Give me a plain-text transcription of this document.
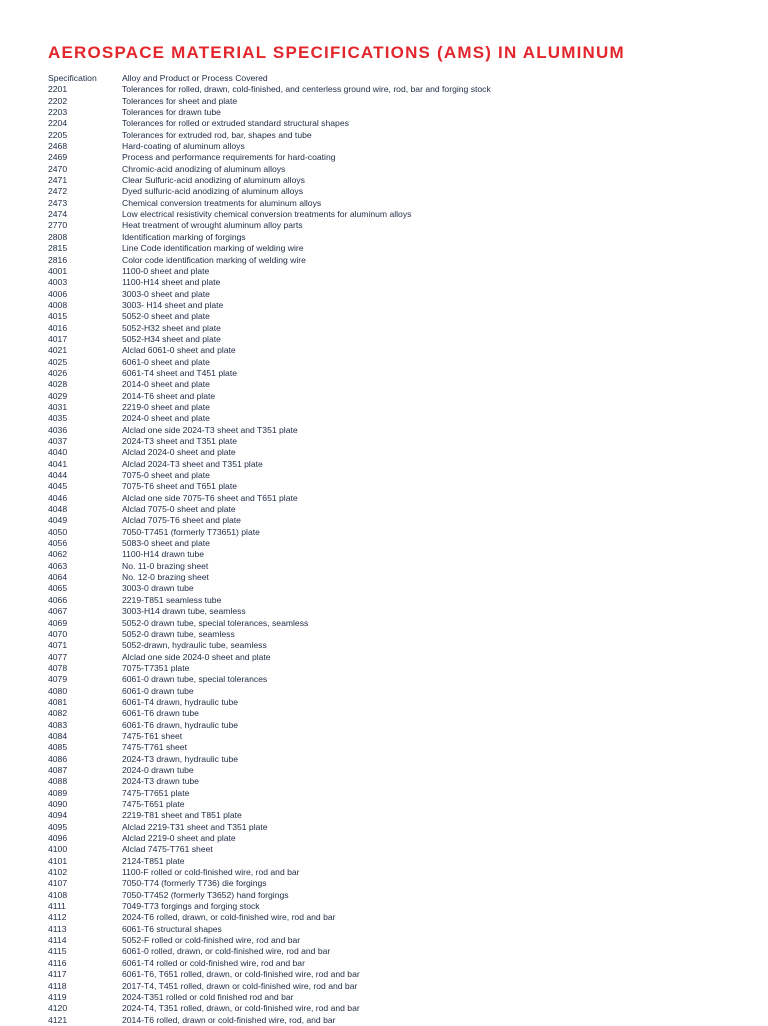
AEROSPACE MATERIAL SPECIFICATIONS (AMS) IN ALUMINUM
Specification	Alloy and Product or Process Covered
2201	Tolerances for rolled, drawn, cold-finished, and centerless ground wire, rod, bar and forging stock
2202	Tolerances for sheet and plate
2203	Tolerances for drawn tube
2204	Tolerances for rolled or extruded standard structural shapes
2205	Tolerances for extruded rod, bar, shapes and tube
2468	Hard-coating of aluminum alloys
2469	Process and performance requirements for hard-coating
2470	Chromic-acid anodizing of aluminum alloys
2471	Clear Sulfuric-acid anodizing of aluminum alloys
2472	Dyed sulfuric-acid anodizing of aluminum alloys
2473	Chemical conversion treatments for aluminum alloys
2474	Low electrical resistivity chemical conversion treatments for aluminum alloys
2770	Heat treatment of wrought aluminum alloy parts
2808	Identification marking of forgings
2815	Line Code identification marking of welding wire
2816	Color code identification marking of welding wire
4001	1100-0 sheet and plate
4003	1100-H14 sheet and plate
4006	3003-0 sheet and plate
4008	3003- H14 sheet and plate
4015	5052-0 sheet and plate
4016	5052-H32 sheet and plate
4017	5052-H34 sheet and plate
4021	Alclad 6061-0 sheet and plate
4025	6061-0 sheet and plate
4026	6061-T4 sheet and T451 plate
4028	2014-0 sheet and plate
4029	2014-T6 sheet and plate
4031	2219-0 sheet and plate
4035	2024-0 sheet and plate
4036	Alclad one side 2024-T3 sheet and T351 plate
4037	2024-T3 sheet and T351 plate
4040	Alclad 2024-0 sheet and plate
4041	Alclad 2024-T3 sheet and T351 plate
4044	7075-0 sheet and plate
4045	7075-T6 sheet and T651 plate
4046	Alclad one side 7075-T6 sheet and T651 plate
4048	Alclad 7075-0 sheet and plate
4049	Alclad 7075-T6 sheet and plate
4050	7050-T7451 (formerly T73651) plate
4056	5083-0 sheet and plate
4062	1100-H14 drawn tube
4063	No. 11-0 brazing sheet
4064	No. 12-0 brazing sheet
4065	3003-0 drawn tube
4066	2219-T851 seamless tube
4067	3003-H14 drawn tube, seamless
4069	5052-0 drawn tube, special tolerances, seamless
4070	5052-0 drawn tube, seamless
4071	5052-drawn, hydraulic tube, seamless
4077	Alclad one side 2024-0 sheet and plate
4078	7075-T7351 plate
4079	6061-0 drawn tube, special tolerances
4080	6061-0 drawn tube
4081	6061-T4 drawn, hydraulic tube
4082	6061-T6 drawn tube
4083	6061-T6 drawn, hydraulic tube
4084	7475-T61 sheet
4085	7475-T761 sheet
4086	2024-T3 drawn, hydraulic tube
4087	2024-0 drawn tube
4088	2024-T3 drawn tube
4089	7475-T7651 plate
4090	7475-T651 plate
4094	2219-T81 sheet and T851 plate
4095	Alclad 2219-T31 sheet and T351 plate
4096	Alclad 2219-0 sheet and plate
4100	Alclad 7475-T761 sheet
4101	2124-T851 plate
4102	1100-F rolled or cold-finished wire, rod and bar
4107	7050-T74 (formerly T736) die forgings
4108	7050-T7452 (formerly T3652) hand forgings
4111	7049-T73 forgings and forging stock
4112	2024-T6 rolled, drawn, or cold-finished wire, rod and bar
4113	6061-T6 structural shapes
4114	5052-F rolled or cold-finished wire, rod and bar
4115	6061-0 rolled, drawn, or cold-finished wire, rod and bar
4116	6061-T4 rolled or cold-finished wire, rod and bar
4117	6061-T6, T651 rolled, drawn, or cold-finished wire, rod and bar
4118	2017-T4, T451 rolled, drawn or cold-finished wire, rod and bar
4119	2024-T351 rolled or cold finished rod and bar
4120	2024-T4, T351 rolled, drawn, or cold-finished wire, rod and bar
4121	2014-T6 rolled, drawn or cold-finished wire, rod, and bar
